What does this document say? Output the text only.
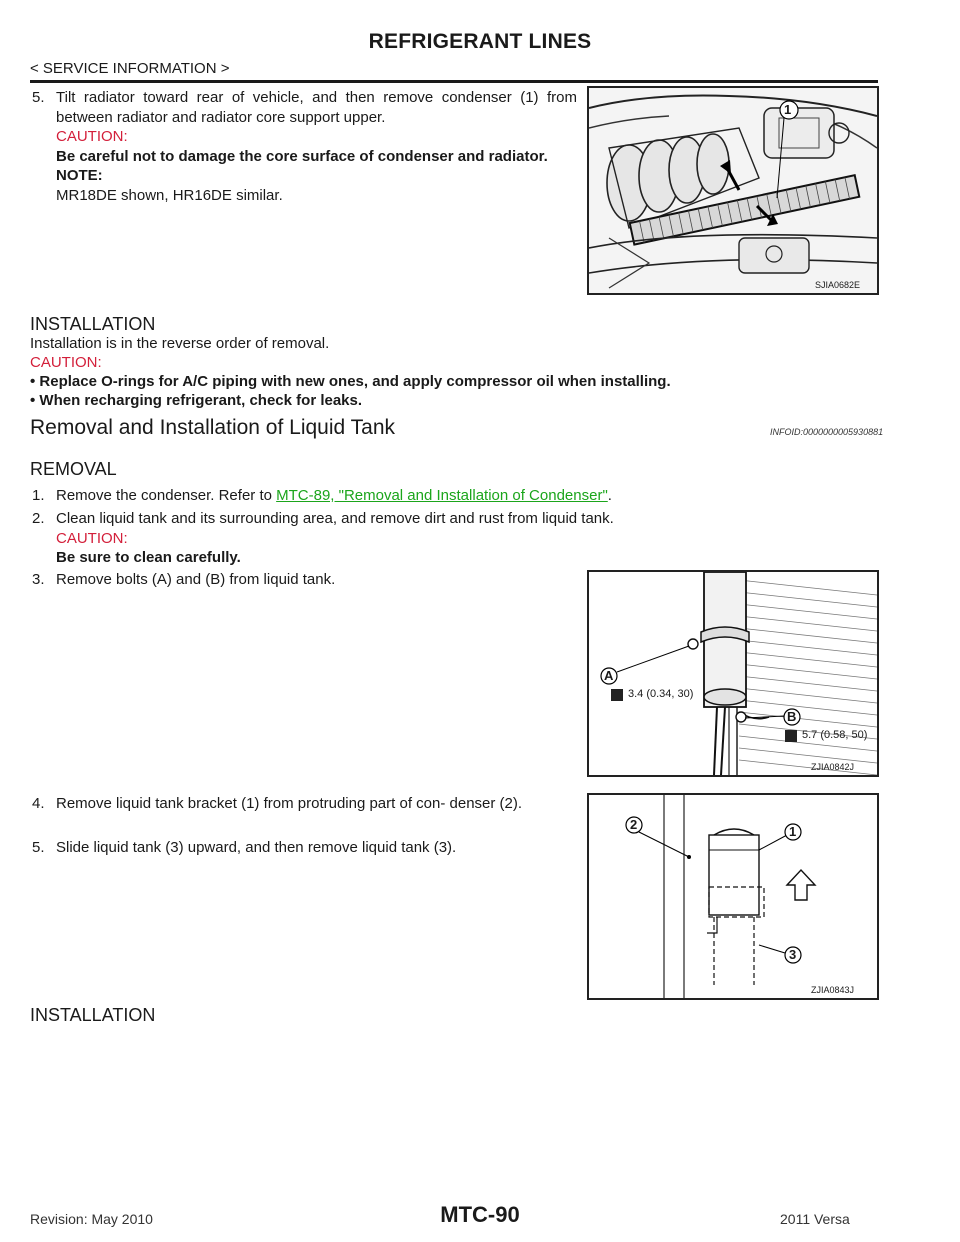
REFRIGERANT LINES
< SERVICE INFORMATION >
5. Tilt radiator toward rear of vehicle, and then remove condenser (1) from between radiator and radiator core support upper.
CAUTION:
Be careful not to damage the core surface of condenser and radiator.
NOTE:
MR18DE shown, HR16DE similar.
1
SJIA0682E
INSTALLATION
Installation is in the reverse order of removal.
CAUTION:
• Replace O-rings for A/C piping with new ones, and apply compressor oil when installing.
• When recharging refrigerant, check for leaks.
Removal and Installation of Liquid Tank	INFOID:0000000005930881
REMOVAL
1. Remove the condenser. Refer to MTC-89, "Removal and Installation of Condenser".
2. Clean liquid tank and its surrounding area, and remove dirt and rust from liquid tank.
CAUTION:
Be sure to clean carefully.
3. Remove bolts (A) and (B) from liquid tank.
A
B
3.4 (0.34, 30)
5.7 (0.58, 50)
ZJIA0842J
4. Remove liquid tank bracket (1) from protruding part of con- denser (2).
5. Slide liquid tank (3) upward, and then remove liquid tank (3).
2	1
3
ZJIA0843J
INSTALLATION
Revision: May 2010	MTC-90	2011 Versa
